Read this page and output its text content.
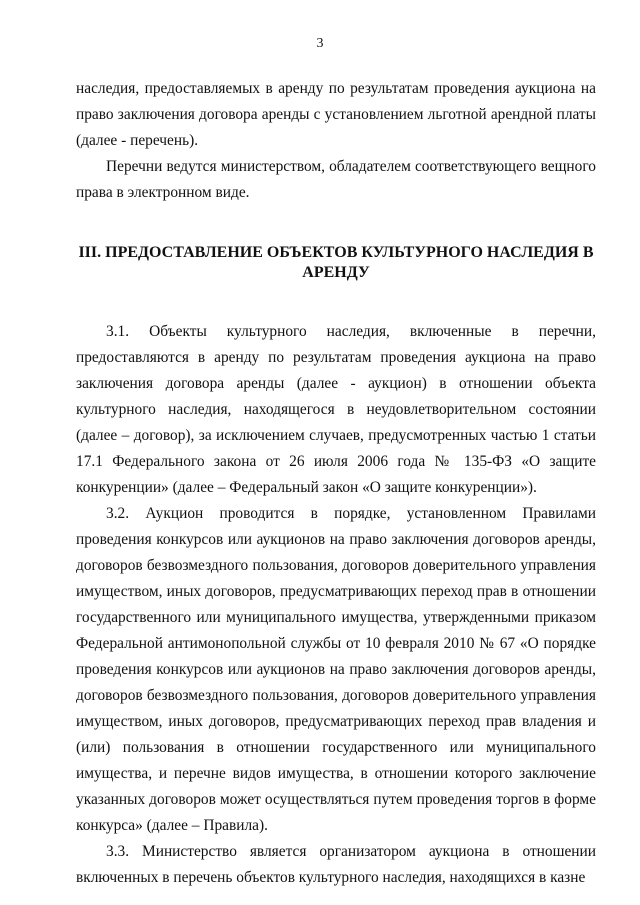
3

наследия, предоставляемых в аренду по результатам проведения аукциона на право заключения договора аренды с установлением льготной арендной платы (далее - перечень).

Перечни ведутся министерством, обладателем соответствующего вещного права в электронном виде.

III. ПРЕДОСТАВЛЕНИЕ ОБЪЕКТОВ КУЛЬТУРНОГО НАСЛЕДИЯ В
АРЕНДУ

3.1. Объекты культурного наследия, включенные в перечни, предоставляются в аренду по результатам проведения аукциона на право заключения договора аренды (далее - аукцион) в отношении объекта культурного наследия, находящегося в неудовлетворительном состоянии (далее – договор), за исключением случаев, предусмотренных частью 1 статьи 17.1 Федерального закона от 26 июля 2006 года № 135-ФЗ «О защите конкуренции» (далее – Федеральный закон «О защите конкуренции»).

3.2. Аукцион проводится в порядке, установленном Правилами проведения конкурсов или аукционов на право заключения договоров аренды, договоров безвозмездного пользования, договоров доверительного управления имуществом, иных договоров, предусматривающих переход прав в отношении государственного или муниципального имущества, утвержденными приказом Федеральной антимонопольной службы от 10 февраля 2010 № 67 «О порядке проведения конкурсов или аукционов на право заключения договоров аренды, договоров безвозмездного пользования, договоров доверительного управления имуществом, иных договоров, предусматривающих переход прав владения и (или) пользования в отношении государственного или муниципального имущества, и перечне видов имущества, в отношении которого заключение указанных договоров может осуществляться путем проведения торгов в форме конкурса» (далее – Правила).

3.3. Министерство является организатором аукциона в отношении включенных в перечень объектов культурного наследия, находящихся в казне
